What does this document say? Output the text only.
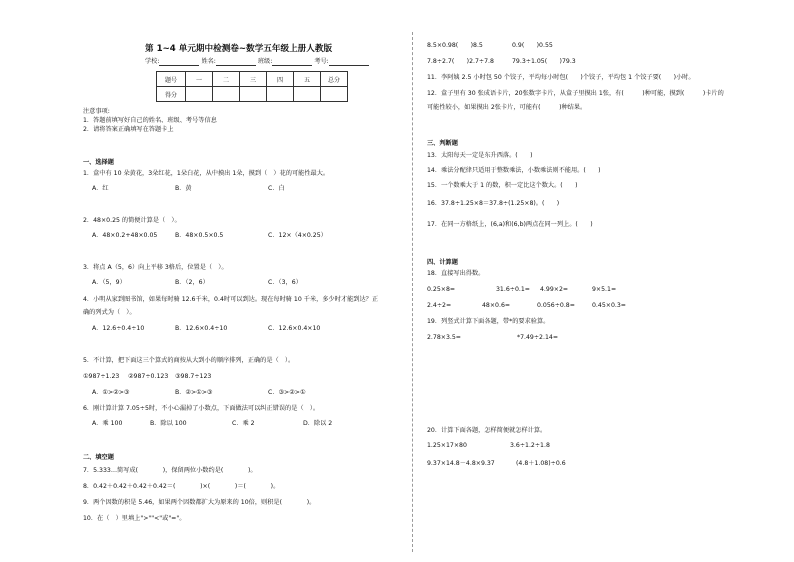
第 1~4 单元期中检测卷~数学五年级上册人教版
学校:	姓名:	班级:	考号:
题号	一	二	三	四	五	总分
得分						
注意事项:
1．答题前填写好自己的姓名、班级、考号等信息
2．请将答案正确填写在答题卡上
一、选择题
1．盒中有 10 朵黄花，3朵红花，1朵白花，从中摸出 1朵，摸到（　）花的可能性最大。
A．红	B．黄	C．白
2．48×0.25 的简便计算是（　）。
A．48×0.2+48×0.05	B．48×0.5×0.5	C．12×（4×0.25）
3．将点 A（5，6）向上平移 3格后，位置是（　）。
A．（5，9）	B．（2，6）	C．（3，6）
4．小明从家到图书馆，如果每时骑 12.6千米，0.4时可以到达。现在每时骑 10 千米，多少时才能到达？正
确的列式为（　）。
A．12.6÷0.4÷10	B．12.6×0.4÷10	C．12.6×0.4×10
5．不计算，把下面这三个算式的商按从大到小的顺序排列，正确的是（　）。
①987÷1.23 ②987÷0.123 ③98.7÷123
A．①>②>③	B．②>①>③	C．③>②>①
6．刚计算计算 7.05÷5时，不小心漏掉了小数点，下面做法可以纠正错误的是（　）。
A．乘 100	B．除以 100	C．乘 2	D．除以 2
二、填空题
7．5.333…简写成(　　　　)，保留两位小数约是(　　　　)。
8．0.42＋0.42＋0.42＋0.42＝(　　　　)×(　　　　)＝(　　　　)。
9．两个因数的积是 5.46，如果两个因数都扩大为原来的 10倍，则积是(　　　　)。
10．在（　）里填上">""<"或"="。
8.5×0.98(　　)8.5	0.9(　　)0.55
7.8÷2.7(　　)2.7÷7.8	79.3÷1.05(　　)79.3
11．李阿姨 2.5 小时包 50 个饺子，平均每小时包(　　)个饺子，平均包 1 个饺子要(　　)小时。
12．盒子里有 30 张成语卡片，20张数字卡片，从盒子里摸出 1张，有(　　　)种可能，摸到(　　　)卡片的
可能性较小，如果摸出 2张卡片，可能有(　　　)种结果。
三、判断题
13．太阳每天一定是东升西落。(　　)
14．乘法分配律只适用于整数乘法，小数乘法则不能用。(　　)
15．一个数乘大于 1 的数，积一定比这个数大。(　　)
16．37.8÷1.25×8＝37.8÷(1.25×8)。(　　)
17．在同一方格纸上，(6,a)和(6,b)两点在同一列上。(　　)
四、计算题
18．直接写出得数。
0.25×8=	31.6÷0.1= 4.99×2=	9×5.1=
2.4÷2=	48×0.6=	0.056÷0.8=	0.45×0.3=
19．列竖式计算下面各题，带*的要求验算。
2.78×3.5=	*7.49÷2.14=
20．计算下面各题，怎样简便就怎样计算。
1.25×17×80	3.6÷1.2÷1.8
9.37×14.8－4.8×9.37	(4.8＋1.08)÷0.6
